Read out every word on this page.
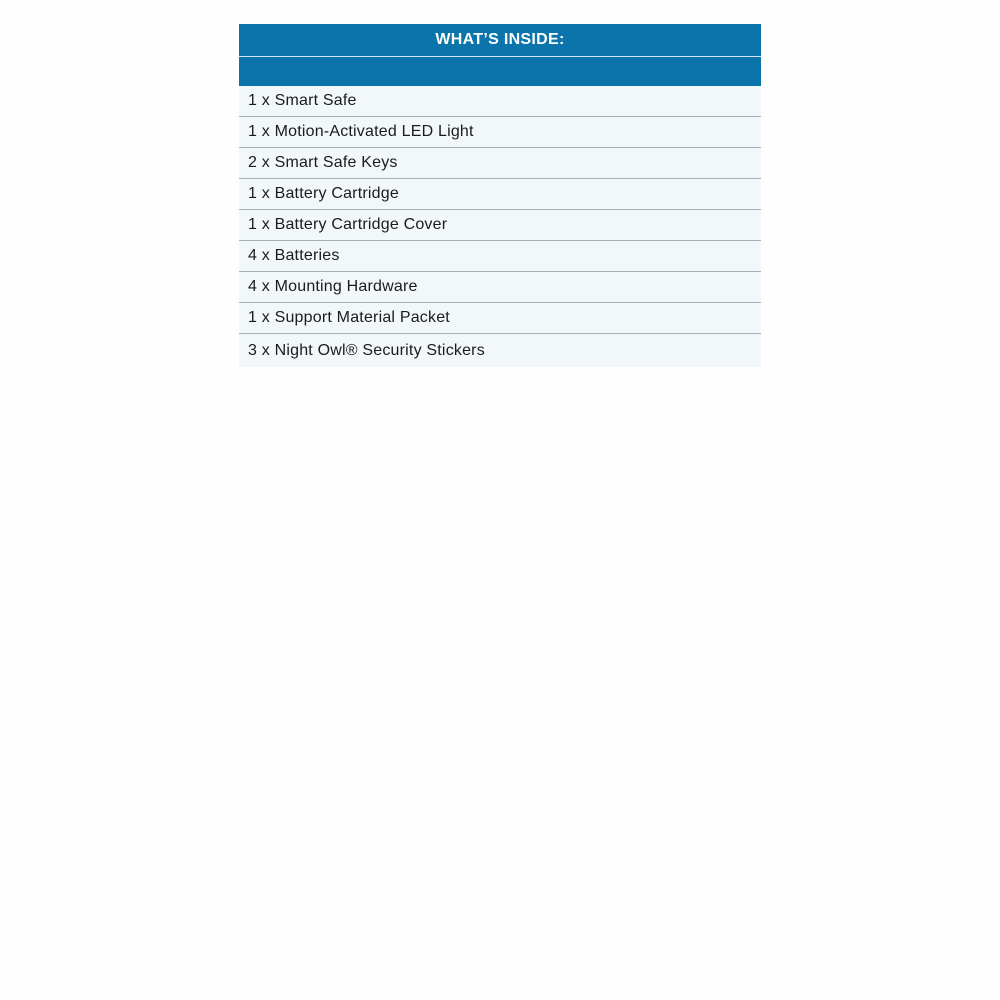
WHAT’S INSIDE:
1 x Smart Safe
1 x Motion-Activated LED Light
2 x Smart Safe Keys
1 x Battery Cartridge
1 x Battery Cartridge Cover
4 x Batteries
4 x Mounting Hardware
1 x Support Material Packet
3 x Night Owl® Security Stickers
